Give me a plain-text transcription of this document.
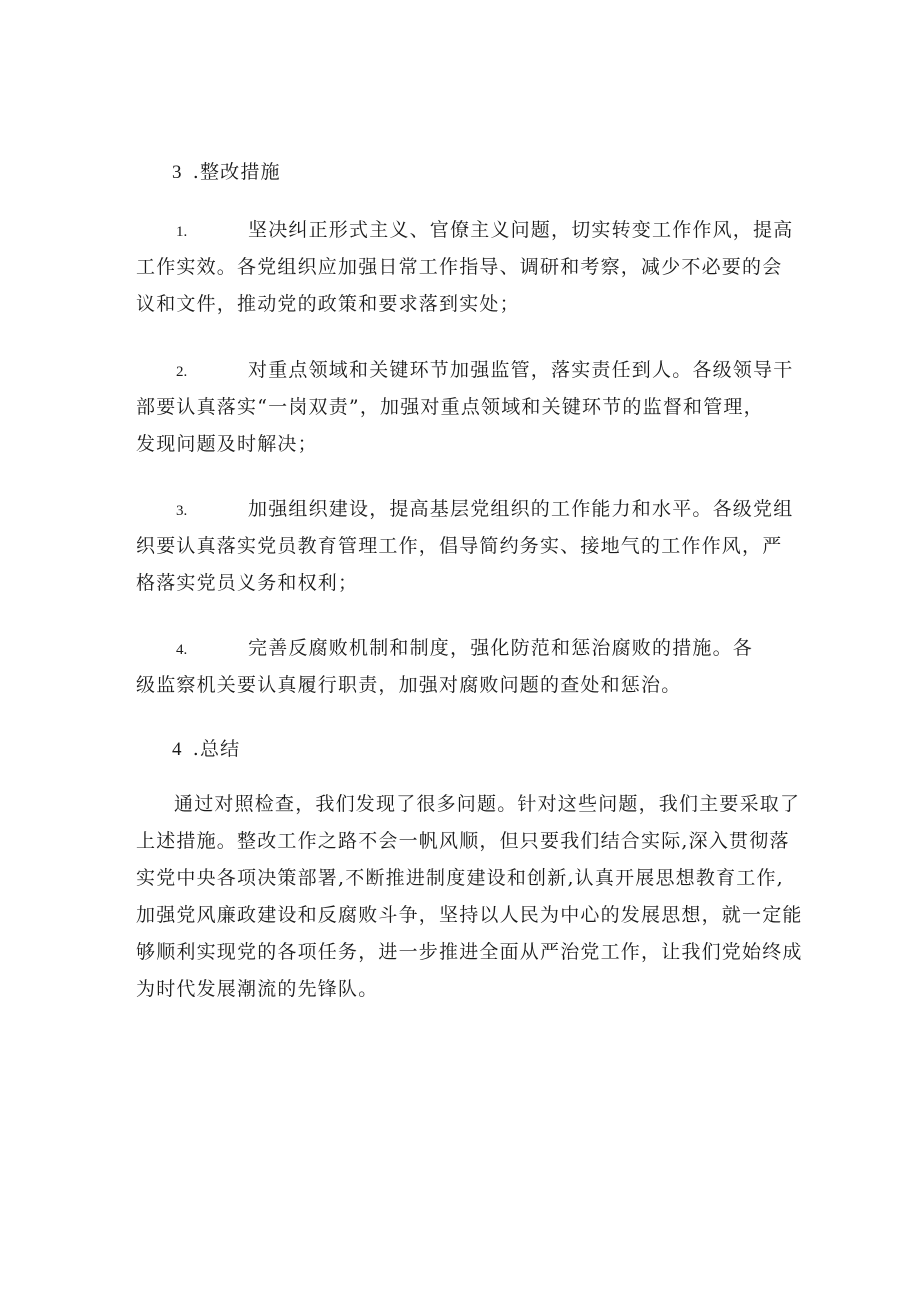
3 .整改措施
1.	坚决纠正形式主义、官僚主义问题，切实转变工作作风，提高
工作实效。各党组织应加强日常工作指导、调研和考察，减少不必要的会
议和文件，推动党的政策和要求落到实处；
2.	对重点领域和关键环节加强监管，落实责任到人。各级领导干
部要认真落实“一岗双责”，加强对重点领域和关键环节的监督和管理，
发现问题及时解决；
3.	加强组织建设，提高基层党组织的工作能力和水平。各级党组
织要认真落实党员教育管理工作，倡导简约务实、接地气的工作作风，严
格落实党员义务和权利；
4.	完善反腐败机制和制度，强化防范和惩治腐败的措施。各
级监察机关要认真履行职责，加强对腐败问题的查处和惩治。
4 .总结
通过对照检查，我们发现了很多问题。针对这些问题，我们主要采取了
上述措施。整改工作之路不会一帆风顺，但只要我们结合实际,深入贯彻落
实党中央各项决策部署,不断推进制度建设和创新,认真开展思想教育工作,
加强党风廉政建设和反腐败斗争，坚持以人民为中心的发展思想，就一定能
够顺利实现党的各项任务，进一步推进全面从严治党工作，让我们党始终成
为时代发展潮流的先锋队。
